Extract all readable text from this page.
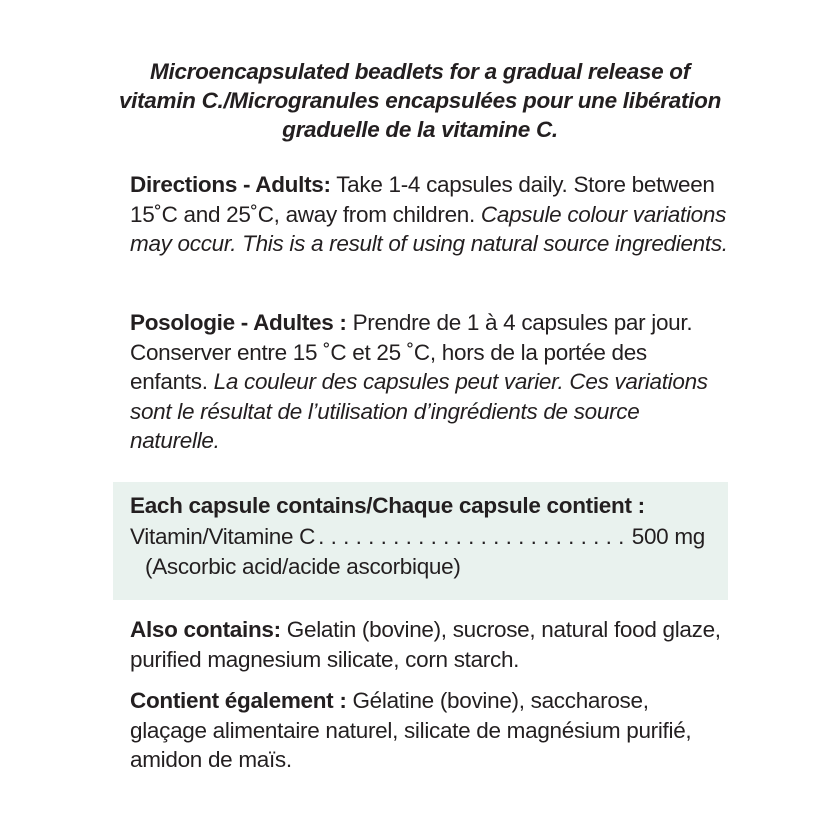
Microencapsulated beadlets for a gradual release of vitamin C./Microgranules encapsulées pour une libération graduelle de la vitamine C.
Directions - Adults: Take 1-4 capsules daily. Store between 15˚C and 25˚C, away from children. Capsule colour variations may occur. This is a result of using natural source ingredients.
Posologie - Adultes : Prendre de 1 à 4 capsules par jour. Conserver entre 15 ˚C et 25 ˚C, hors de la portée des enfants. La couleur des capsules peut varier. Ces variations sont le résultat de l’utilisation d’ingrédients de source naturelle.
Each capsule contains/Chaque capsule contient :
Vitamin/Vitamine C
. . .	500 mg
(Ascorbic acid/acide ascorbique)
Also contains: Gelatin (bovine), sucrose, natural food glaze, purified magnesium silicate, corn starch.
Contient également : Gélatine (bovine), saccharose, glaçage alimentaire naturel, silicate de magnésium purifié, amidon de maïs.
